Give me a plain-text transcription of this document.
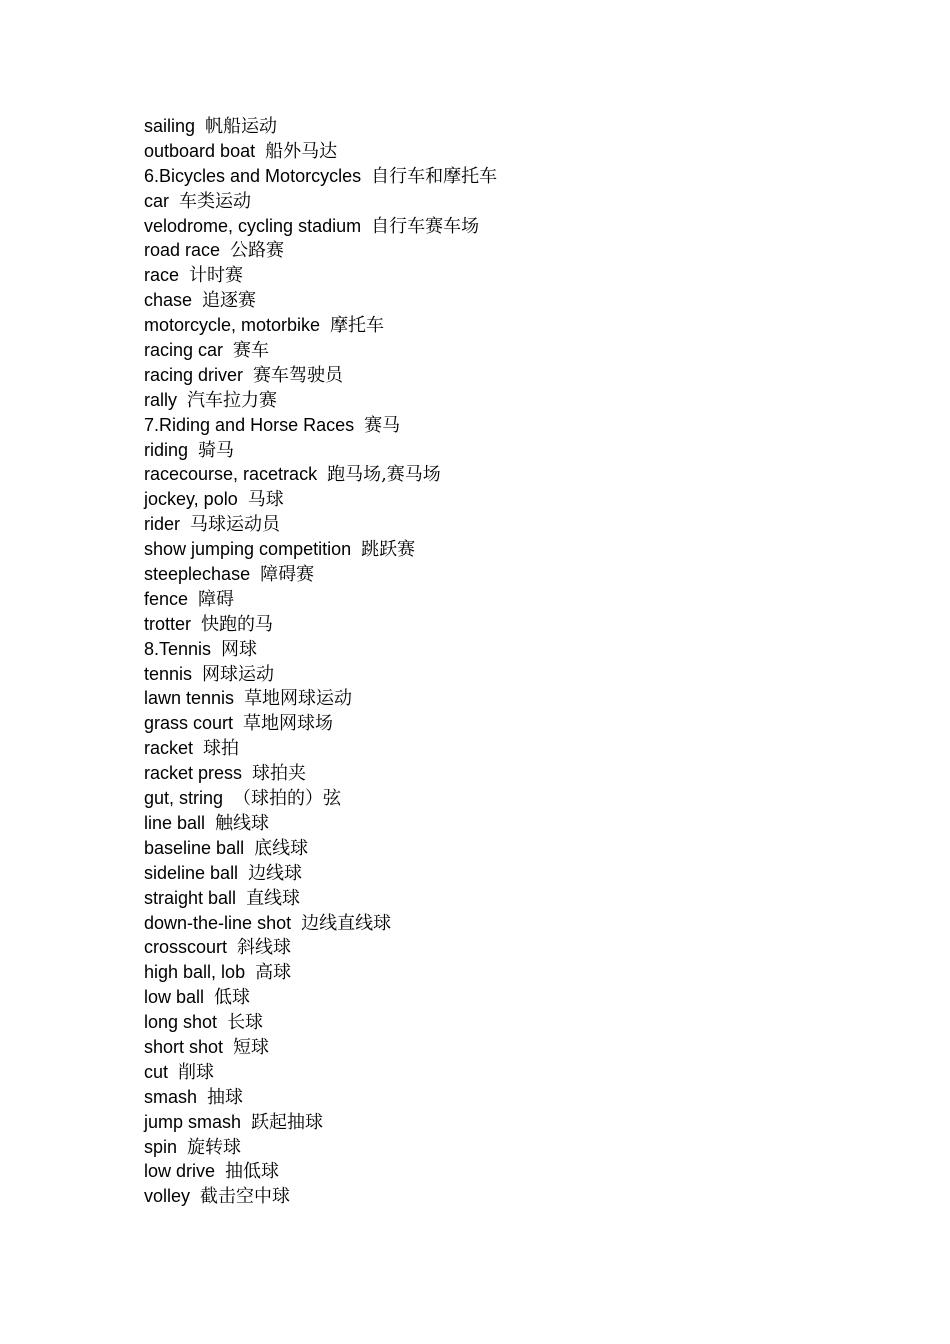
sailing 帆船运动
outboard boat 船外马达
6.Bicycles and Motorcycles 自行车和摩托车
car 车类运动
velodrome, cycling stadium 自行车赛车场
road race 公路赛
race 计时赛
chase 追逐赛
motorcycle, motorbike 摩托车
racing car 赛车
racing driver 赛车驾驶员
rally 汽车拉力赛
7.Riding and Horse Races 赛马
riding 骑马
racecourse, racetrack 跑马场,赛马场
jockey, polo 马球
rider 马球运动员
show jumping competition 跳跃赛
steeplechase 障碍赛
fence 障碍
trotter 快跑的马
8.Tennis 网球
tennis 网球运动
lawn tennis 草地网球运动
grass court 草地网球场
racket 球拍
racket press 球拍夹
gut, string （球拍的）弦
line ball 触线球
baseline ball 底线球
sideline ball 边线球
straight ball 直线球
down-the-line shot 边线直线球
crosscourt 斜线球
high ball, lob 高球
low ball 低球
long shot 长球
short shot 短球
cut 削球
smash 抽球
jump smash 跃起抽球
spin 旋转球
low drive 抽低球
volley 截击空中球
